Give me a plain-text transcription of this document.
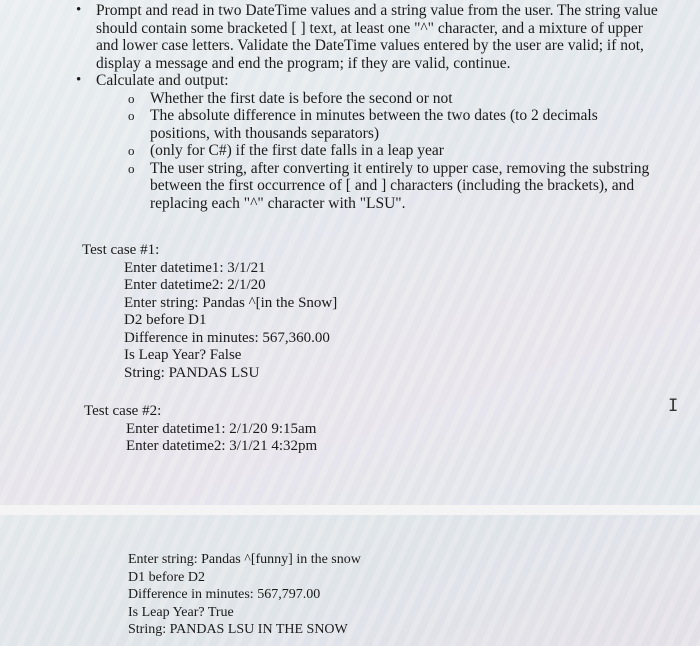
• Prompt and read in two DateTime values and a string value from the user. The string value should contain some bracketed [ ] text, at least one "^" character, and a mixture of upper and lower case letters. Validate the DateTime values entered by the user are valid; if not, display a message and end the program; if they are valid, continue.
• Calculate and output:
o Whether the first date is before the second or not
o The absolute difference in minutes between the two dates (to 2 decimals positions, with thousands separators)
o (only for C#) if the first date falls in a leap year
o The user string, after converting it entirely to upper case, removing the substring between the first occurrence of [ and ] characters (including the brackets), and replacing each "^" character with "LSU".
Test case #1:
Enter datetime1: 3/1/21
Enter datetime2: 2/1/20
Enter string: Pandas ^[in the Snow]
D2 before D1
Difference in minutes: 567,360.00
Is Leap Year? False
String: PANDAS LSU
Test case #2:
Enter datetime1: 2/1/20 9:15am
Enter datetime2: 3/1/21 4:32pm
I
Enter string: Pandas ^[funny] in the snow
D1 before D2
Difference in minutes: 567,797.00
Is Leap Year? True
String: PANDAS LSU IN THE SNOW
